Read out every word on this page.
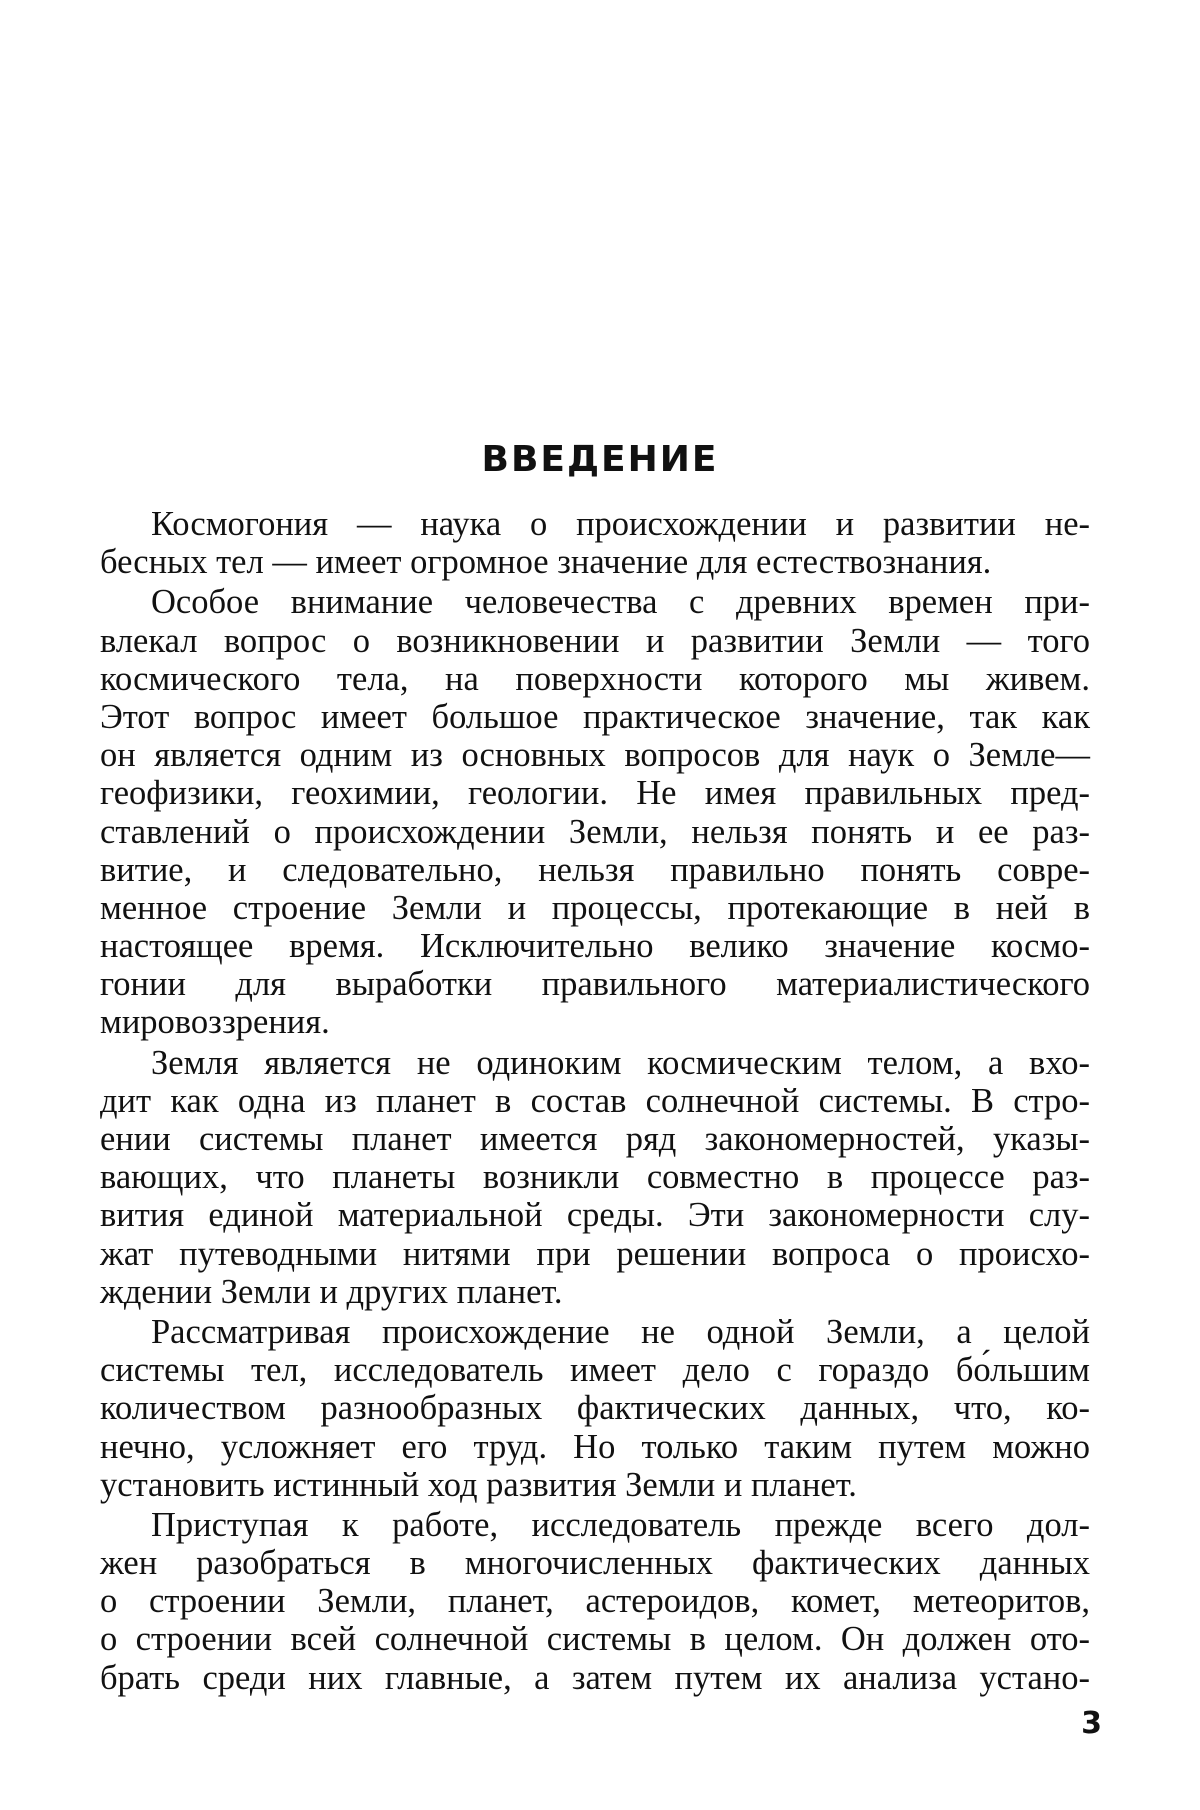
ВВЕДЕНИЕ
Космогония — наука о происхождении и развитии не-
бесных тел — имеет огромное значение для естествознания.
Особое внимание человечества с древних времен при-
влекал вопрос о возникновении и развитии Земли — того
космического тела, на поверхности которого мы живем.
Этот вопрос имеет большое практическое значение, так как
он является одним из основных вопросов для наук о Земле—
геофизики, геохимии, геологии. Не имея правильных пред-
ставлений о происхождении Земли, нельзя понять и ее раз-
витие, и следовательно, нельзя правильно понять совре-
менное строение Земли и процессы, протекающие в ней в
настоящее время. Исключительно велико значение космо-
гонии для выработки правильного материалистического
мировоззрения.
Земля является не одиноким космическим телом, а вхо-
дит как одна из планет в состав солнечной системы. В стро-
ении системы планет имеется ряд закономерностей, указы-
вающих, что планеты возникли совместно в процессе раз-
вития единой материальной среды. Эти закономерности слу-
жат путеводными нитями при решении вопроса о происхо-
ждении Земли и других планет.
Рассматривая происхождение не одной Земли, а целой
системы тел, исследователь имеет дело с гораздо бо́льшим
количеством разнообразных фактических данных, что, ко-
нечно, усложняет его труд. Но только таким путем можно
установить истинный ход развития Земли и планет.
Приступая к работе, исследователь прежде всего дол-
жен разобраться в многочисленных фактических данных
о строении Земли, планет, астероидов, комет, метеоритов,
о строении всей солнечной системы в целом. Он должен ото-
брать среди них главные, а затем путем их анализа устано-
3
